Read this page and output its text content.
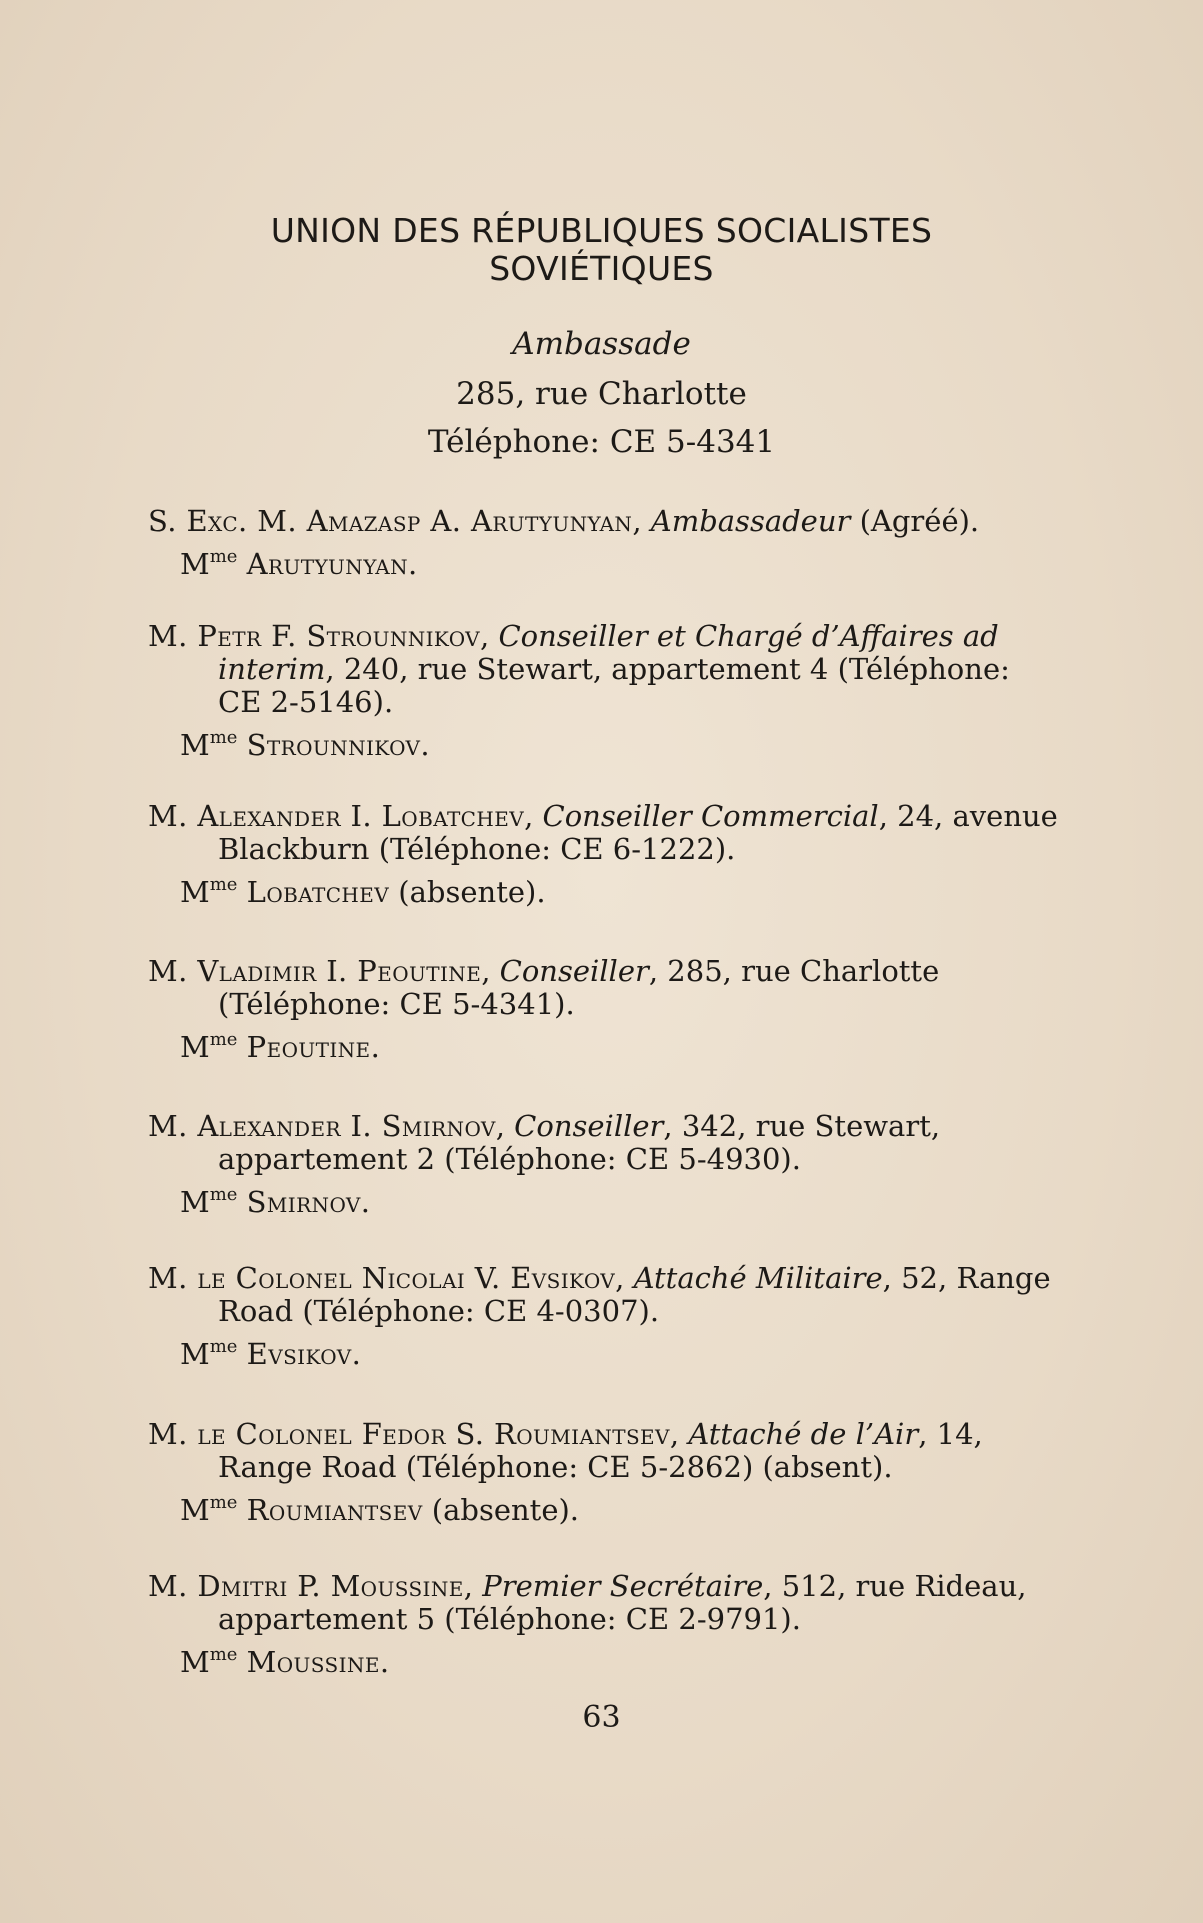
UNION DES RÉPUBLIQUES SOCIALISTES
SOVIÉTIQUES
Ambassade
285, rue Charlotte
Téléphone: CE 5-4341
S. Exc. M. Amazasp A. Arutyunyan, Ambassadeur (Agréé).
$M^{me}$ Arutyunyan.
M. Petr F. Strounnikov, Conseiller et Chargé d’Affaires ad interim, 240, rue Stewart, appartement 4 (Téléphone: CE 2-5146).
$M^{me}$ Strounnikov.
M. Alexander I. Lobatchev, Conseiller Commercial, 24, avenue Blackburn (Téléphone: CE 6-1222).
$M^{me}$ Lobatchev (absente).
M. Vladimir I. Peoutine, Conseiller, 285, rue Charlotte (Téléphone: CE 5-4341).
$M^{me}$ Peoutine.
M. Alexander I. Smirnov, Conseiller, 342, rue Stewart, appartement 2 (Téléphone: CE 5-4930).
$M^{me}$ Smirnov.
M. le Colonel Nicolai V. Evsikov, Attaché Militaire, 52, Range Road (Téléphone: CE 4-0307).
$M^{me}$ Evsikov.
M. le Colonel Fedor S. Roumiantsev, Attaché de l’Air, 14, Range Road (Téléphone: CE 5-2862) (absent).
$M^{me}$ Roumiantsev (absente).
M. Dmitri P. Moussine, Premier Secrétaire, 512, rue Rideau, appartement 5 (Téléphone: CE 2-9791).
$M^{me}$ Moussine.
63
